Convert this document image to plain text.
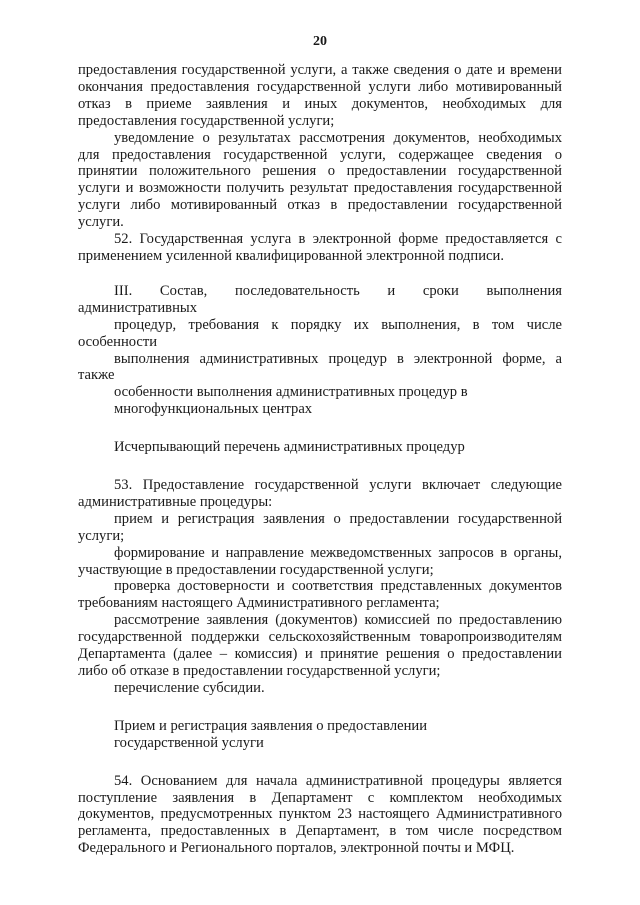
20

предоставления государственной услуги, а также сведения о дате и времени окончания предоставления государственной услуги либо мотивированный отказ в приеме заявления и иных документов, необходимых для предоставления государственной услуги;

уведомление о результатах рассмотрения документов, необходимых для предоставления государственной услуги, содержащее сведения о принятии положительного решения о предоставлении государственной услуги и возможности получить результат предоставления государственной услуги либо мотивированный отказ в предоставлении государственной услуги.

52. Государственная услуга в электронной форме предоставляется с применением усиленной квалифицированной электронной подписи.

III. Состав, последовательность и сроки выполнения административных

процедур, требования к порядку их выполнения, в том числе особенности

выполнения административных процедур в электронной форме, а также

особенности выполнения административных процедур в

многофункциональных центрах

Исчерпывающий перечень административных процедур

53. Предоставление государственной услуги включает следующие административные процедуры:

прием и регистрация заявления о предоставлении государственной услуги;

формирование и направление межведомственных запросов в органы, участвующие в предоставлении государственной услуги;

проверка достоверности и соответствия представленных документов требованиям настоящего Административного регламента;

рассмотрение заявления (документов) комиссией по предоставлению государственной поддержки сельскохозяйственным товаропроизводителям Департамента (далее – комиссия) и принятие решения о предоставлении либо об отказе в предоставлении государственной услуги;

перечисление субсидии.

Прием и регистрация заявления о предоставлении

государственной услуги

54. Основанием для начала административной процедуры является поступление заявления в Департамент с комплектом необходимых документов, предусмотренных пунктом 23 настоящего Административного регламента, предоставленных в Департамент, в том числе посредством Федерального и Регионального порталов, электронной почты и МФЦ.
